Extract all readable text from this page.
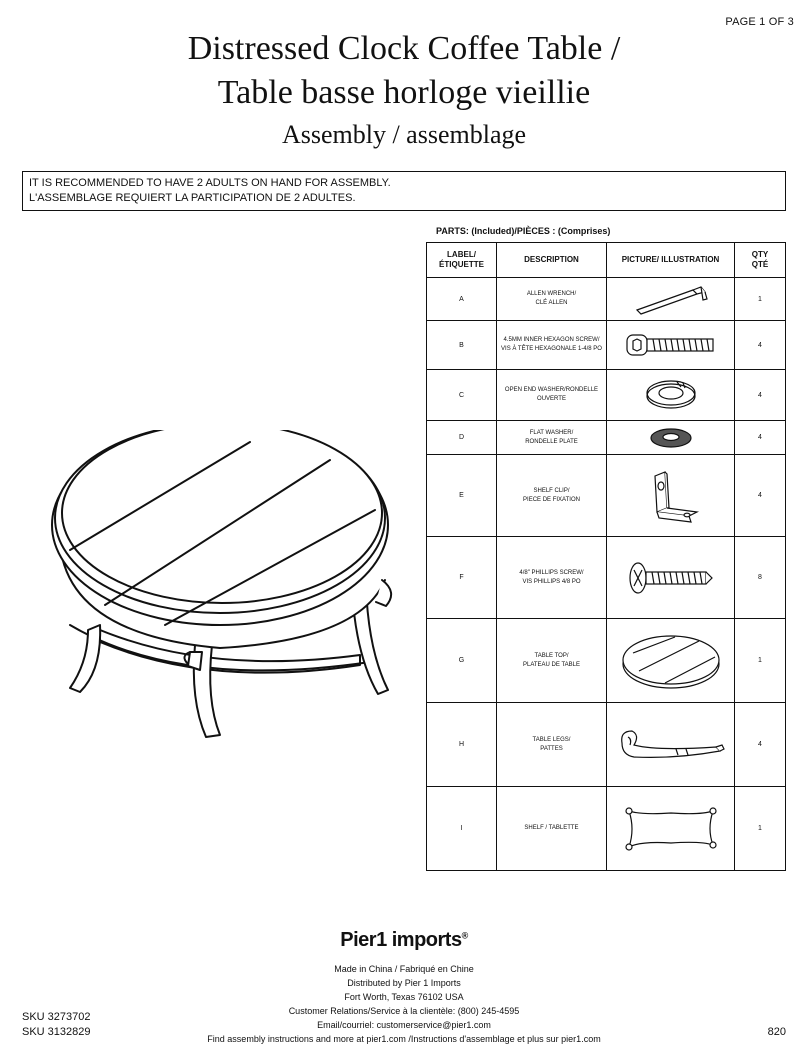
PAGE 1 OF 3
Distressed Clock Coffee Table /
Table basse horloge vieillie
Assembly / assemblage
IT IS RECOMMENDED TO HAVE 2 ADULTS ON HAND FOR ASSEMBLY.
L'ASSEMBLAGE REQUIERT LA PARTICIPATION DE 2 ADULTES.
PARTS: (Included)/PIÈCES : (Comprises)
LABEL/
ÉTIQUETTE	DESCRIPTION	PICTURE/ ILLUSTRATION	QTY
QTÉ
A	ALLEN WRENCH/
CLÉ ALLEN		1
B	4.5MM INNER HEXAGON SCREW/
VIS À TÊTE HEXAGONALE 1-4/8 PO		4
C	OPEN END WASHER/RONDELLE
OUVERTE		4
D	FLAT WASHER/
RONDELLE PLATE		4
E	SHELF CLIP/
PIECE DE FIXATION		4
F	4/8" PHILLIPS SCREW/
VIS PHILLIPS 4/8 PO		8
G	TABLE TOP/
PLATEAU DE TABLE		1
H	TABLE LEGS/
PATTES		4
I	SHELF / TABLETTE		1
Pier1 imports®
Made in China / Fabriqué en Chine
Distributed by Pier 1 Imports
Fort Worth, Texas 76102 USA
Customer Relations/Service à la clientèle: (800) 245-4595
Email/courriel: customerservice@pier1.com
Find assembly instructions and more at pier1.com /Instructions d'assemblage et plus sur pier1.com
SKU 3273702
SKU 3132829	820
